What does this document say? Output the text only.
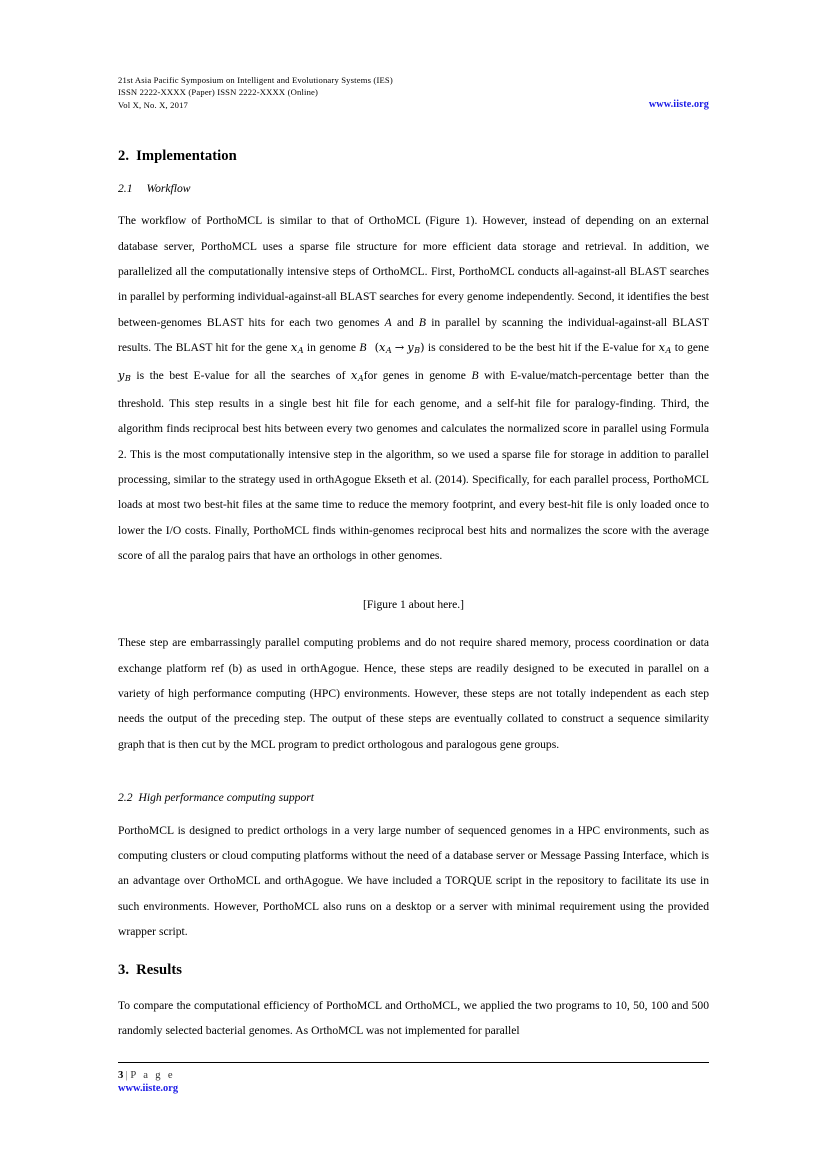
21st Asia Pacific Symposium on Intelligent and Evolutionary Systems (IES)
ISSN 2222-XXXX (Paper) ISSN 2222-XXXX (Online)
Vol X, No. X, 2017	www.iiste.org
2. Implementation
2.1 Workflow

The workflow of PorthoMCL is similar to that of OrthoMCL (Figure 1). However, instead of depending on an external database server, PorthoMCL uses a sparse file structure for more efficient data storage and retrieval. In addition, we parallelized all the computationally intensive steps of OrthoMCL. First, PorthoMCL conducts all-against-all BLAST searches in parallel by performing individual-against-all BLAST searches for every genome independently. Second, it identifies the best between-genomes BLAST hits for each two genomes A and B in parallel by scanning the individual-against-all BLAST results. The BLAST hit for the gene $x_A$ in genome B $(x_A \to y_B)$ is considered to be the best hit if the E-value for $x_A$ to gene $y_B$ is the best E-value for all the searches of $x_Afor$ genes in genome B with E-value/match-percentage better than the threshold. This step results in a single best hit file for each genome, and a self-hit file for paralogy-finding. Third, the algorithm finds reciprocal best hits between every two genomes and calculates the normalized score in parallel using Formula 2. This is the most computationally intensive step in the algorithm, so we used a sparse file for storage in addition to parallel processing, similar to the strategy used in orthAgogue Ekseth et al. (2014). Specifically, for each parallel process, PorthoMCL loads at most two best-hit files at the same time to reduce the memory footprint, and every best-hit file is only loaded once to lower the I/O costs. Finally, PorthoMCL finds within-genomes reciprocal best hits and normalizes the score with the average score of all the paralog pairs that have an orthologs in other genomes.

[Figure 1 about here.]

These step are embarrassingly parallel computing problems and do not require shared memory, process coordination or data exchange platform ref (b) as used in orthAgogue. Hence, these steps are readily designed to be executed in parallel on a variety of high performance computing (HPC) environments. However, these steps are not totally independent as each step needs the output of the preceding step. The output of these steps are eventually collated to construct a sequence similarity graph that is then cut by the MCL program to predict orthologous and paralogous gene groups.

2.2 High performance computing support

PorthoMCL is designed to predict orthologs in a very large number of sequenced genomes in a HPC environments, such as computing clusters or cloud computing platforms without the need of a database server or Message Passing Interface, which is an advantage over OrthoMCL and orthAgogue. We have included a TORQUE script in the repository to facilitate its use in such environments. However, PorthoMCL also runs on a desktop or a server with minimal requirement using the provided wrapper script.

3. Results

To compare the computational efficiency of PorthoMCL and OrthoMCL, we applied the two programs to 10, 50, 100 and 500 randomly selected bacterial genomes. As OrthoMCL was not implemented for parallel

3 | P a g e
www.iiste.org
